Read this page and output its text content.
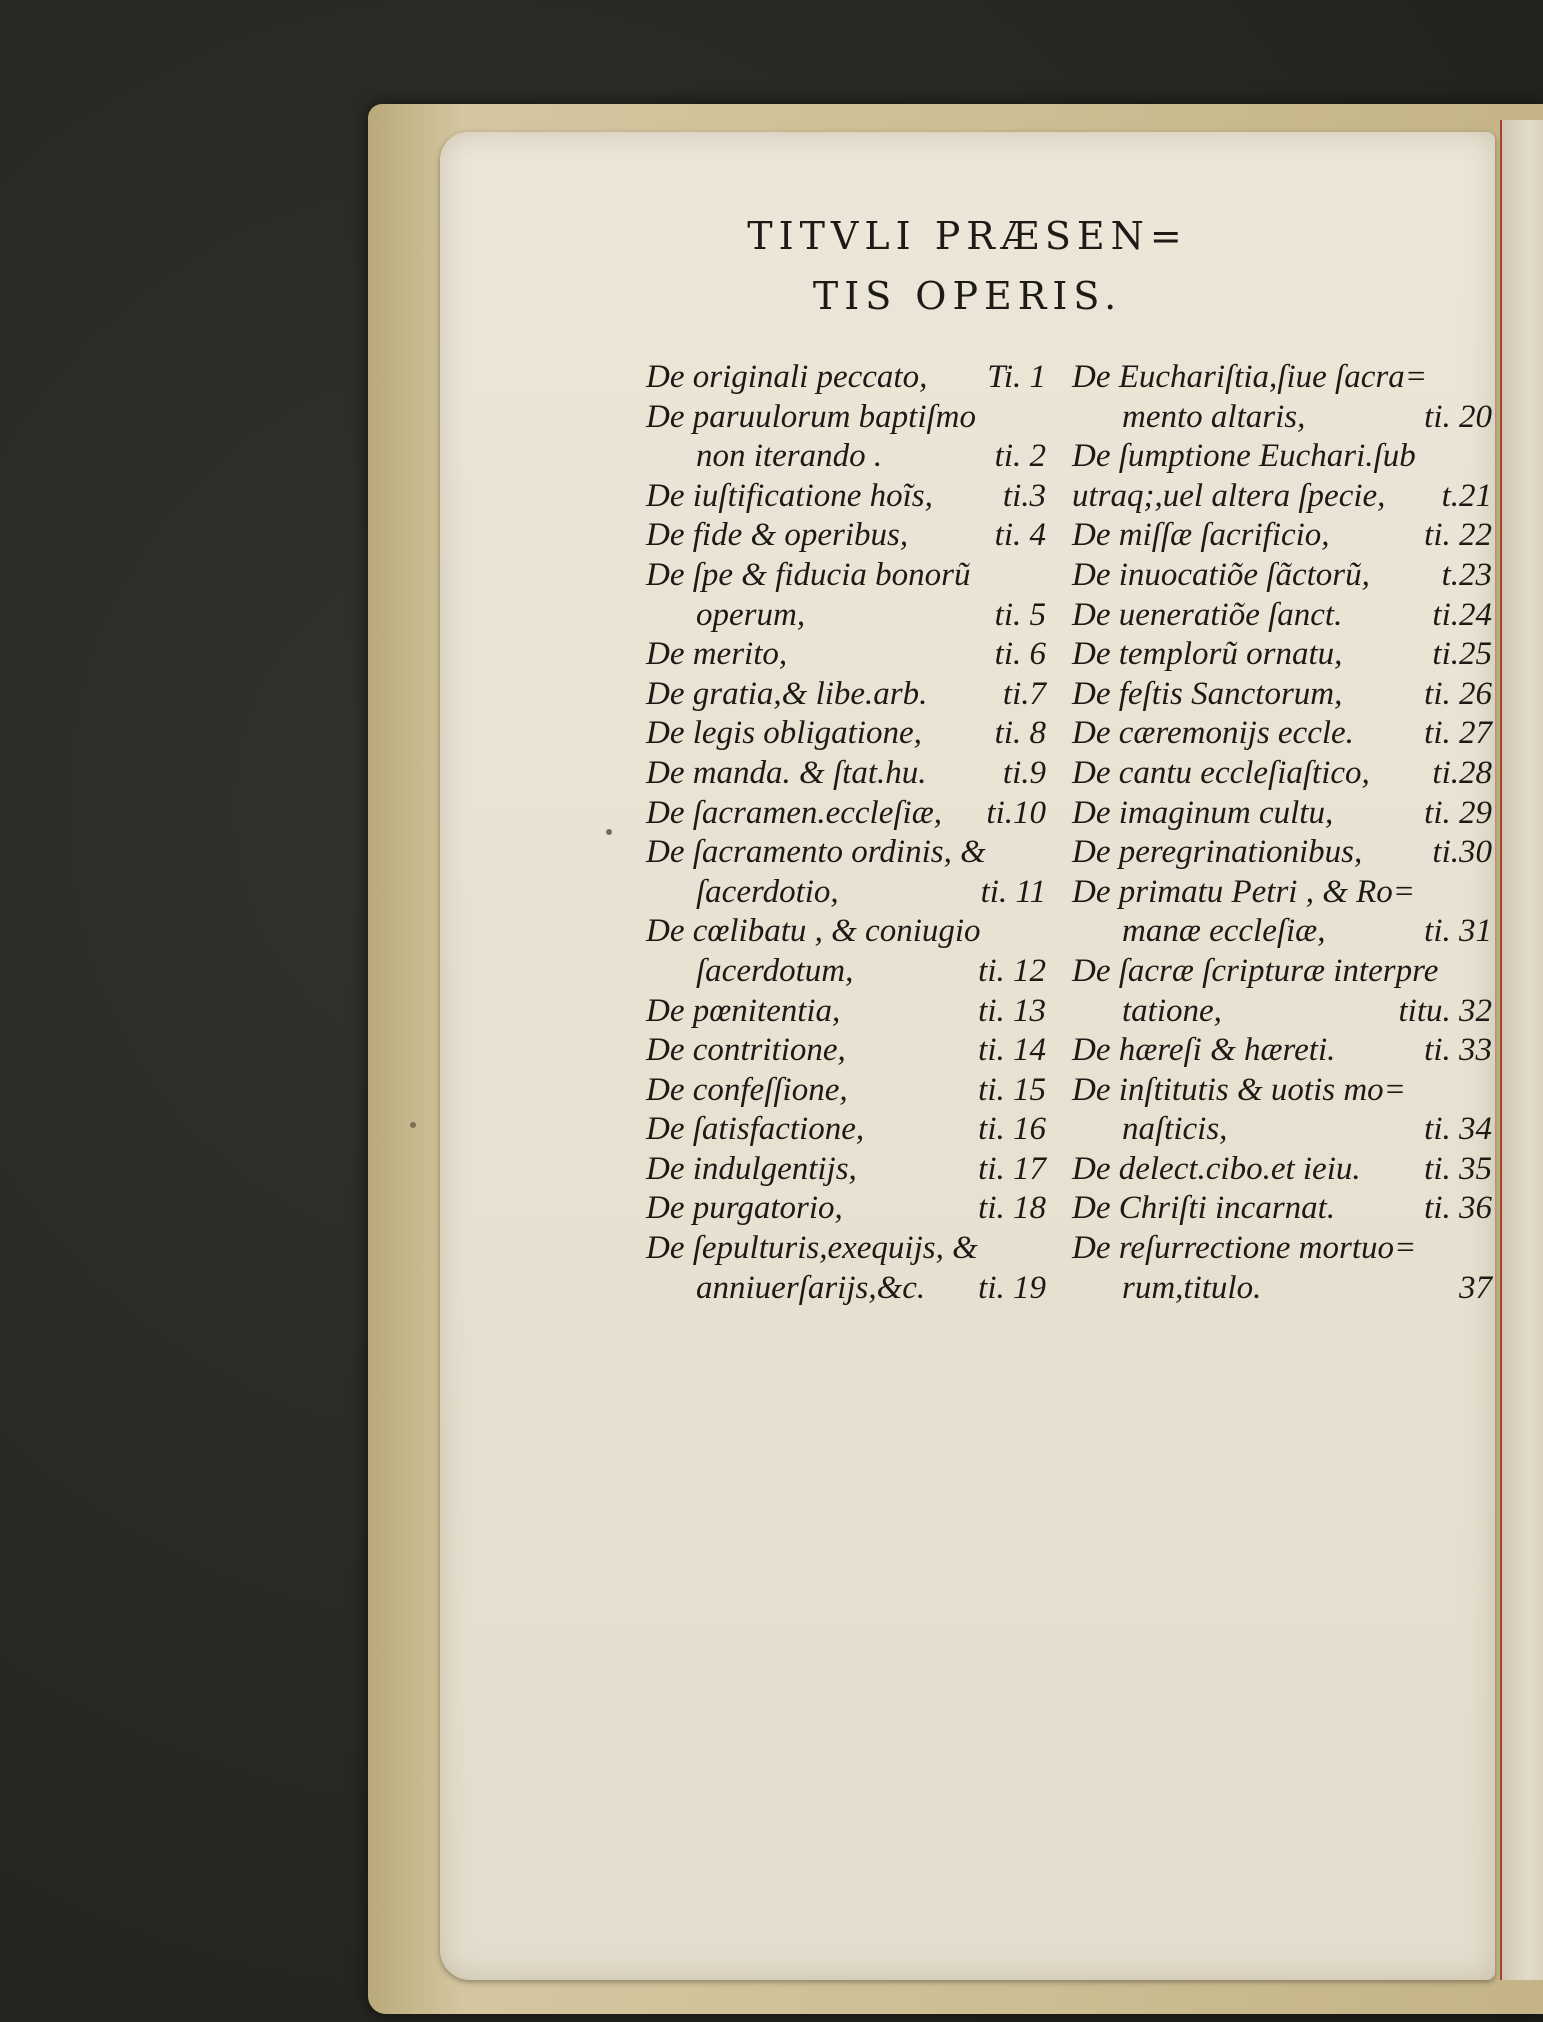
TITVLI PRÆSEN=
TIS OPERIS.
De originali peccato, Ti. 1
De paruulorum baptiſmo
non iterando .	ti. 2
De iuſtificatione hoĩs, ti.3
De fide & operibus,	ti. 4
De ſpe & fiducia bonorũ
operum,	ti. 5
De merito,	ti. 6
De gratia,& libe.arb. ti.7
De legis obligatione, ti. 8
De manda. & ſtat.hu. ti.9
De ſacramen.eccleſiæ, ti.10
De ſacramento ordinis, &
ſacerdotio,	ti. 11
De cœlibatu , & coniugio
ſacerdotum,	ti. 12
De pœnitentia,	ti. 13
De contritione,	ti. 14
De confeſſione,	ti. 15
De ſatisfactione,	ti. 16
De indulgentijs,	ti. 17
De purgatorio,	ti. 18
De ſepulturis,exequijs, &
anniuerſarijs,&c. ti. 19
De Euchariſtia,ſiue ſacra=
mento altaris,	ti. 20
De ſumptione Euchari.ſub
utraq;,uel altera ſpecie, t.21
De miſſæ ſacrificio,	ti. 22
De inuocatiõe ſãctorũ, t.23
De ueneratiõe ſanct.	ti.24
De templorũ ornatu,	ti.25
De feſtis Sanctorum, ti. 26
De cæremonijs eccle. ti. 27
De cantu eccleſiaſtico, ti.28
De imaginum cultu,	ti. 29
De peregrinationibus, ti.30
De primatu Petri , & Ro=
manæ eccleſiæ,	ti. 31
De ſacræ ſcripturæ interpre
tatione,	titu. 32
De hæreſi & hæreti.	ti. 33
De inſtitutis & uotis mo=
naſticis,	ti. 34
De delect.cibo.et ieiu. ti. 35
De Chriſti incarnat.	ti. 36
De reſurrectione mortuo=
rum,titulo.	37
